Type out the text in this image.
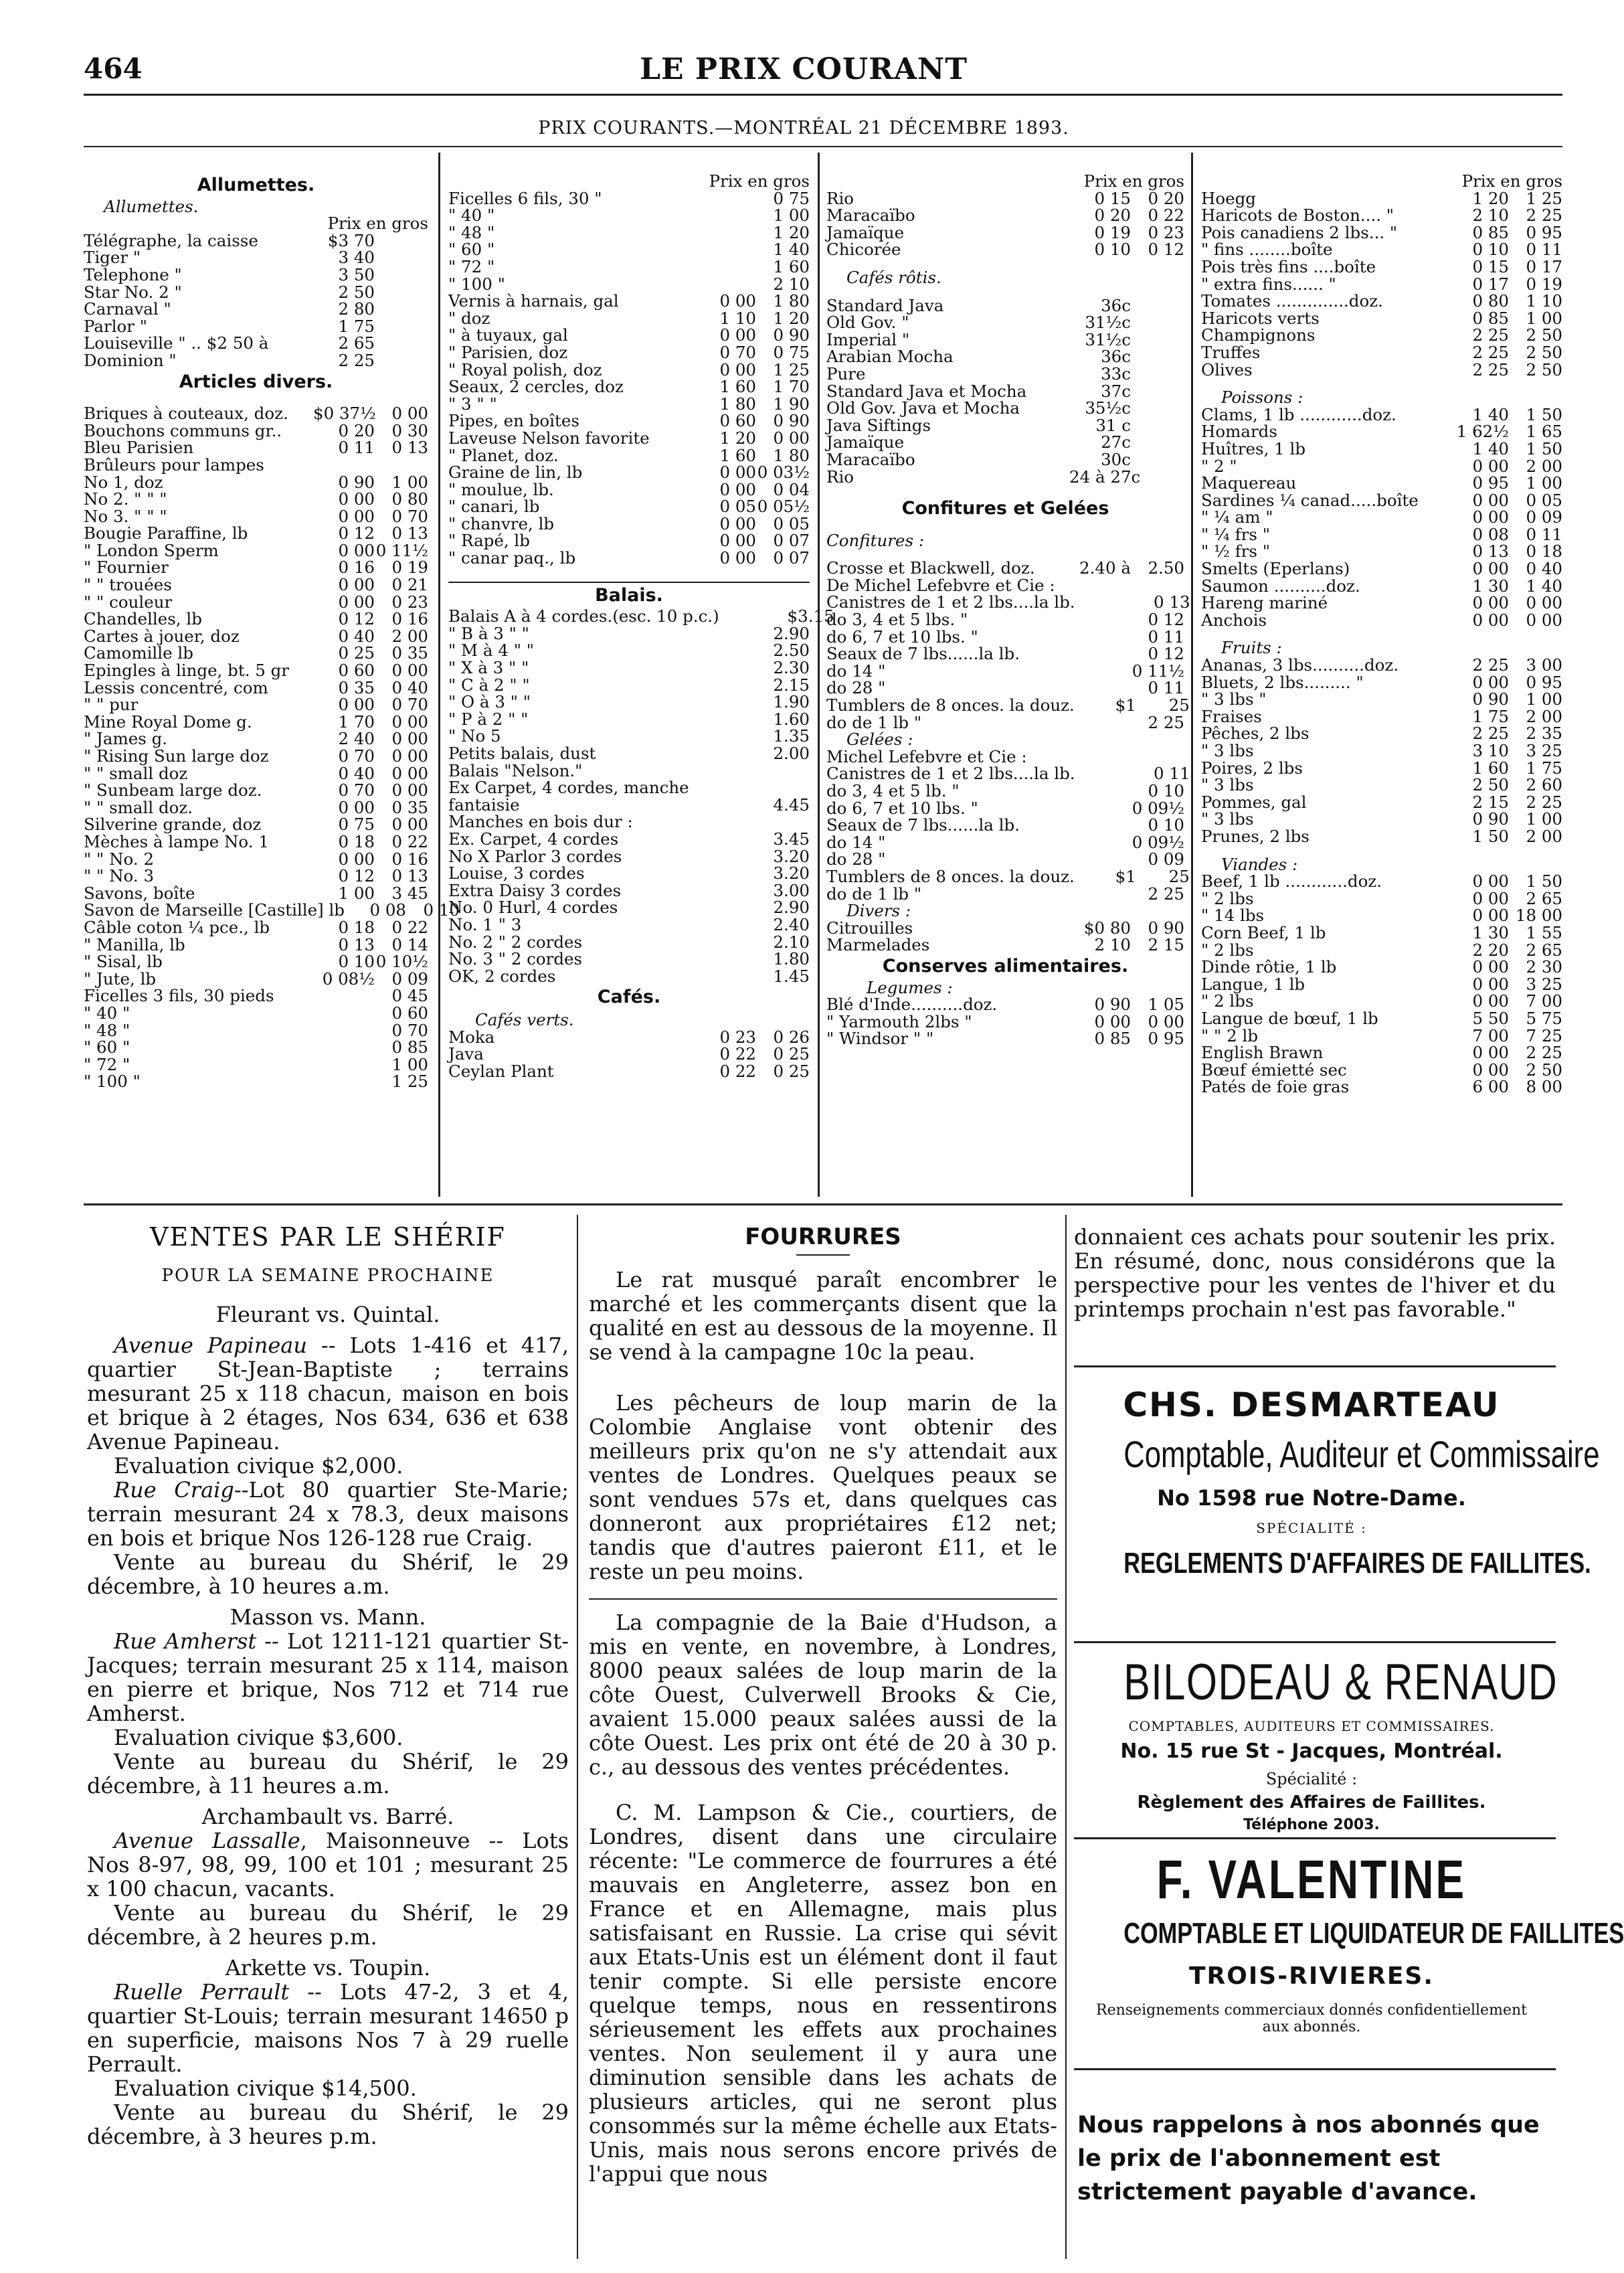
464	LE PRIX COURANT
PRIX COURANTS.—MONTRÉAL 21 DÉCEMBRE 1893.
Allumettes.
Allumettes.
Prix en gros
Télégraphe, la caisse	$3 70
Tiger "	3 40
Telephone "	3 50
Star No. 2 "	2 50
Carnaval "	2 80
Parlor "	1 75
Louiseville " .. $2 50 à	2 65
Dominion "	2 25
Articles divers.
Briques à couteaux, doz.	$0 37½ 0 00
Bouchons communs gr..	0 20	0 30
Bleu Parisien	0 11	0 13
Brûleurs pour lampes
No 1, doz	0 90	1 00
No 2. " " "	0 00	0 80
No 3. " " "	0 00	0 70
Bougie Paraffine, lb	0 12	0 13
" London Sperm	0 00 0 11½
" Fournier	0 16	0 19
" " trouées	0 00	0 21
" " couleur	0 00	0 23
Chandelles, lb	0 12	0 16
Cartes à jouer, doz	0 40	2 00
Camomille lb	0 25	0 35
Epingles à linge, bt. 5 gr	0 60	0 00
Lessis concentré, com	0 35	0 40
" " pur	0 00	0 70
Mine Royal Dome g.	1 70	0 00
" James g.	2 40	0 00
" Rising Sun large doz	0 70	0 00
" " small doz	0 40	0 00
" Sunbeam large doz.	0 70	0 00
" " small doz.	0 00	0 35
Silverine grande, doz	0 75	0 00
Mèches à lampe No. 1	0 18	0 22
" " No. 2	0 00	0 16
" " No. 3	0 12	0 13
Savons, boîte	1 00	3 45
Savon de Marseille [Castille] lb	0 08	0 10
Câble coton ¼ pce., lb	0 18	0 22
" Manilla, lb	0 13	0 14
" Sisal, lb	0 10 0 10½
" Jute, lb	0 08½	0 09
Ficelles 3 fils, 30 pieds	0 45
" 40 "	0 60
" 48 "	0 70
" 60 "	0 85
" 72 "	1 00
" 100 "	1 25
Prix en gros
Ficelles 6 fils, 30 "	0 75
" 40 "	1 00
" 48 "	1 20
" 60 "	1 40
" 72 "	1 60
" 100 "	2 10
Vernis à harnais, gal	0 00	1 80
" doz	1 10	1 20
" à tuyaux, gal	0 00	0 90
" Parisien, doz	0 70	0 75
" Royal polish, doz	0 00	1 25
Seaux, 2 cercles, doz	1 60	1 70
" 3 " "	1 80	1 90
Pipes, en boîtes	0 60	0 90
Laveuse Nelson favorite	1 20	0 00
" Planet, doz.	1 60	1 80
Graine de lin, lb	0 00 0 03½
" moulue, lb.	0 00	0 04
" canari, lb	0 05 0 05½
" chanvre, lb	0 00	0 05
" Rapé, lb	0 00	0 07
" canar paq., lb	0 00	0 07
Balais.
Balais A à 4 cordes.(esc. 10 p.c.)	$3.15
" B à 3 " "	2.90
" M à 4 " "	2.50
" X à 3 " "	2.30
" C à 2 " "	2.15
" O à 3 " "	1.90
" P à 2 " "	1.60
" No 5	1.35
Petits balais, dust	2.00
Balais "Nelson."
Ex Carpet, 4 cordes, manche
fantaisie	4.45
Manches en bois dur :
Ex. Carpet, 4 cordes	3.45
No X Parlor 3 cordes	3.20
Louise, 3 cordes	3.20
Extra Daisy 3 cordes	3.00
No. 0 Hurl, 4 cordes	2.90
No. 1 " 3	2.40
No. 2 " 2 cordes	2.10
No. 3 " 2 cordes	1.80
OK, 2 cordes	1.45
Cafés.
Cafés verts.
Moka	0 23	0 26
Java	0 22	0 25
Ceylan Plant	0 22	0 25
Prix en gros
Rio	0 15	0 20
Maracaïbo	0 20	0 22
Jamaïque	0 19	0 23
Chicorée	0 10	0 12
Cafés rôtis.
Standard Java	36c
Old Gov. "	31½c
Imperial "	31½c
Arabian Mocha	36c
Pure	33c
Standard Java et Mocha	37c
Old Gov. Java et Mocha	35½c
Java Siftings	31 c
Jamaïque	27c
Maracaïbo	30c
Rio	24 à 27c
Confitures et Gelées
Confitures :
Crosse et Blackwell, doz.	2.40 à	2.50
De Michel Lefebvre et Cie :
Canistres de 1 et 2 lbs....la lb.	0 13
do 3, 4 et 5 lbs. "	0 12
do 6, 7 et 10 lbs. "	0 11
Seaux de 7 lbs......la lb.	0 12
do 14 "	0 11½
do 28 "	0 11
Tumblers de 8 onces. la douz.	$1	25
do de 1 lb "	2 25
Gelées :
Michel Lefebvre et Cie :
Canistres de 1 et 2 lbs....la lb.	0 11
do 3, 4 et 5 lb. "	0 10
do 6, 7 et 10 lbs. "	0 09½
Seaux de 7 lbs......la lb.	0 10
do 14 "	0 09½
do 28 "	0 09
Tumblers de 8 onces. la douz.	$1	25
do de 1 lb "	2 25
Divers :
Citrouilles	$0 80	0 90
Marmelades	2 10	2 15
Conserves alimentaires.
Legumes :
Blé d'Inde..........doz.	0 90	1 05
" Yarmouth 2lbs "	0 00	0 00
" Windsor " "	0 85	0 95
Prix en gros
Hoegg	1 20	1 25
Haricots de Boston.... "	2 10	2 25
Pois canadiens 2 lbs... "	0 85	0 95
" fins ........boîte	0 10	0 11
Pois très fins ....boîte	0 15	0 17
" extra fins...... "	0 17	0 19
Tomates ..............doz.	0 80	1 10
Haricots verts	0 85	1 00
Champignons	2 25	2 50
Truffes	2 25	2 50
Olives	2 25	2 50
Poissons :
Clams, 1 lb ............doz.	1 40	1 50
Homards	1 62½	1 65
Huîtres, 1 lb	1 40	1 50
" 2 "	0 00	2 00
Maquereau	0 95	1 00
Sardines ¼ canad.....boîte	0 00	0 05
" ¼ am "	0 00	0 09
" ¼ frs "	0 08	0 11
" ½ frs "	0 13	0 18
Smelts (Eperlans)	0 00	0 40
Saumon ..........doz.	1 30	1 40
Hareng mariné	0 00	0 00
Anchois	0 00	0 00
Fruits :
Ananas, 3 lbs..........doz.	2 25	3 00
Bluets, 2 lbs......... "	0 00	0 95
" 3 lbs "	0 90	1 00
Fraises	1 75	2 00
Pêches, 2 lbs	2 25	2 35
" 3 lbs	3 10	3 25
Poires, 2 lbs	1 60	1 75
" 3 lbs	2 50	2 60
Pommes, gal	2 15	2 25
" 3 lbs	0 90	1 00
Prunes, 2 lbs	1 50	2 00
Viandes :
Beef, 1 lb ............doz.	0 00	1 50
" 2 lbs	0 00	2 65
" 14 lbs	0 00 18 00
Corn Beef, 1 lb	1 30	1 55
" 2 lbs	2 20	2 65
Dinde rôtie, 1 lb	0 00	2 30
Langue, 1 lb	0 00	3 25
" 2 lbs	0 00	7 00
Langue de bœuf, 1 lb	5 50	5 75
" " 2 lb	7 00	7 25
English Brawn	0 00	2 25
Bœuf émietté sec	0 00	2 50
Patés de foie gras	6 00	8 00

VENTES PAR LE SHÉRIF

POUR LA SEMAINE PROCHAINE

Fleurant vs. Quintal.

Avenue Papineau -- Lots 1-416 et 417, quartier St-Jean-Baptiste ; terrains mesurant 25 x 118 chacun, maison en bois et brique à 2 étages, Nos 634, 636 et 638 Avenue Papineau.

Evaluation civique $2,000.

Rue Craig--Lot 80 quartier Ste-Marie; terrain mesurant 24 x 78.3, deux maisons en bois et brique Nos 126-128 rue Craig.

Vente au bureau du Shérif, le 29 décembre, à 10 heures a.m.

Masson vs. Mann.

Rue Amherst -- Lot 1211-121 quartier St-Jacques; terrain mesurant 25 x 114, maison en pierre et brique, Nos 712 et 714 rue Amherst.

Evaluation civique $3,600.

Vente au bureau du Shérif, le 29 décembre, à 11 heures a.m.

Archambault vs. Barré.

Avenue Lassalle, Maisonneuve -- Lots Nos 8-97, 98, 99, 100 et 101 ; mesurant 25 x 100 chacun, vacants.

Vente au bureau du Shérif, le 29 décembre, à 2 heures p.m.

Arkette vs. Toupin.

Ruelle Perrault -- Lots 47-2, 3 et 4, quartier St-Louis; terrain mesurant 14650 p en superficie, maisons Nos 7 à 29 ruelle Perrault.

Evaluation civique $14,500.

Vente au bureau du Shérif, le 29 décembre, à 3 heures p.m.

FOURRURES

Le rat musqué paraît encombrer le marché et les commerçants disent que la qualité en est au dessous de la moyenne. Il se vend à la campagne 10c la peau.

Les pêcheurs de loup marin de la Colombie Anglaise vont obtenir des meilleurs prix qu'on ne s'y attendait aux ventes de Londres. Quelques peaux se sont vendues 57s et, dans quelques cas donneront aux propriétaires £12 net; tandis que d'autres paieront £11, et le reste un peu moins.

La compagnie de la Baie d'Hudson, a mis en vente, en novembre, à Londres, 8000 peaux salées de loup marin de la côte Ouest, Culverwell Brooks & Cie, avaient 15.000 peaux salées aussi de la côte Ouest. Les prix ont été de 20 à 30 p. c., au dessous des ventes précédentes.

C. M. Lampson & Cie., courtiers, de Londres, disent dans une circulaire récente: "Le commerce de fourrures a été mauvais en Angleterre, assez bon en France et en Allemagne, mais plus satisfaisant en Russie. La crise qui sévit aux Etats-Unis est un élément dont il faut tenir compte. Si elle persiste encore quelque temps, nous en ressentirons sérieusement les effets aux prochaines ventes. Non seulement il y aura une diminution sensible dans les achats de plusieurs articles, qui ne seront plus consommés sur la même échelle aux Etats-Unis, mais nous serons encore privés de l'appui que nous

donnaient ces achats pour soutenir les prix. En résumé, donc, nous considérons que la perspective pour les ventes de l'hiver et du printemps prochain n'est pas favorable."

CHS. DESMARTEAU
Comptable, Auditeur et Commissaire
No 1598 rue Notre-Dame.
SPÉCIALITÉ :
REGLEMENTS D'AFFAIRES DE FAILLITES.
BILODEAU & RENAUD
COMPTABLES, AUDITEURS ET COMMISSAIRES.
No. 15 rue St - Jacques, Montréal.
Spécialité :
Règlement des Affaires de Faillites.
Téléphone 2003.
F. VALENTINE
COMPTABLE ET LIQUIDATEUR DE FAILLITES
TROIS-RIVIERES.
Renseignements commerciaux donnés confidentiellement aux abonnés.
Nous rappelons à nos abonnés que le prix de l'abonnement est strictement payable d'avance.
